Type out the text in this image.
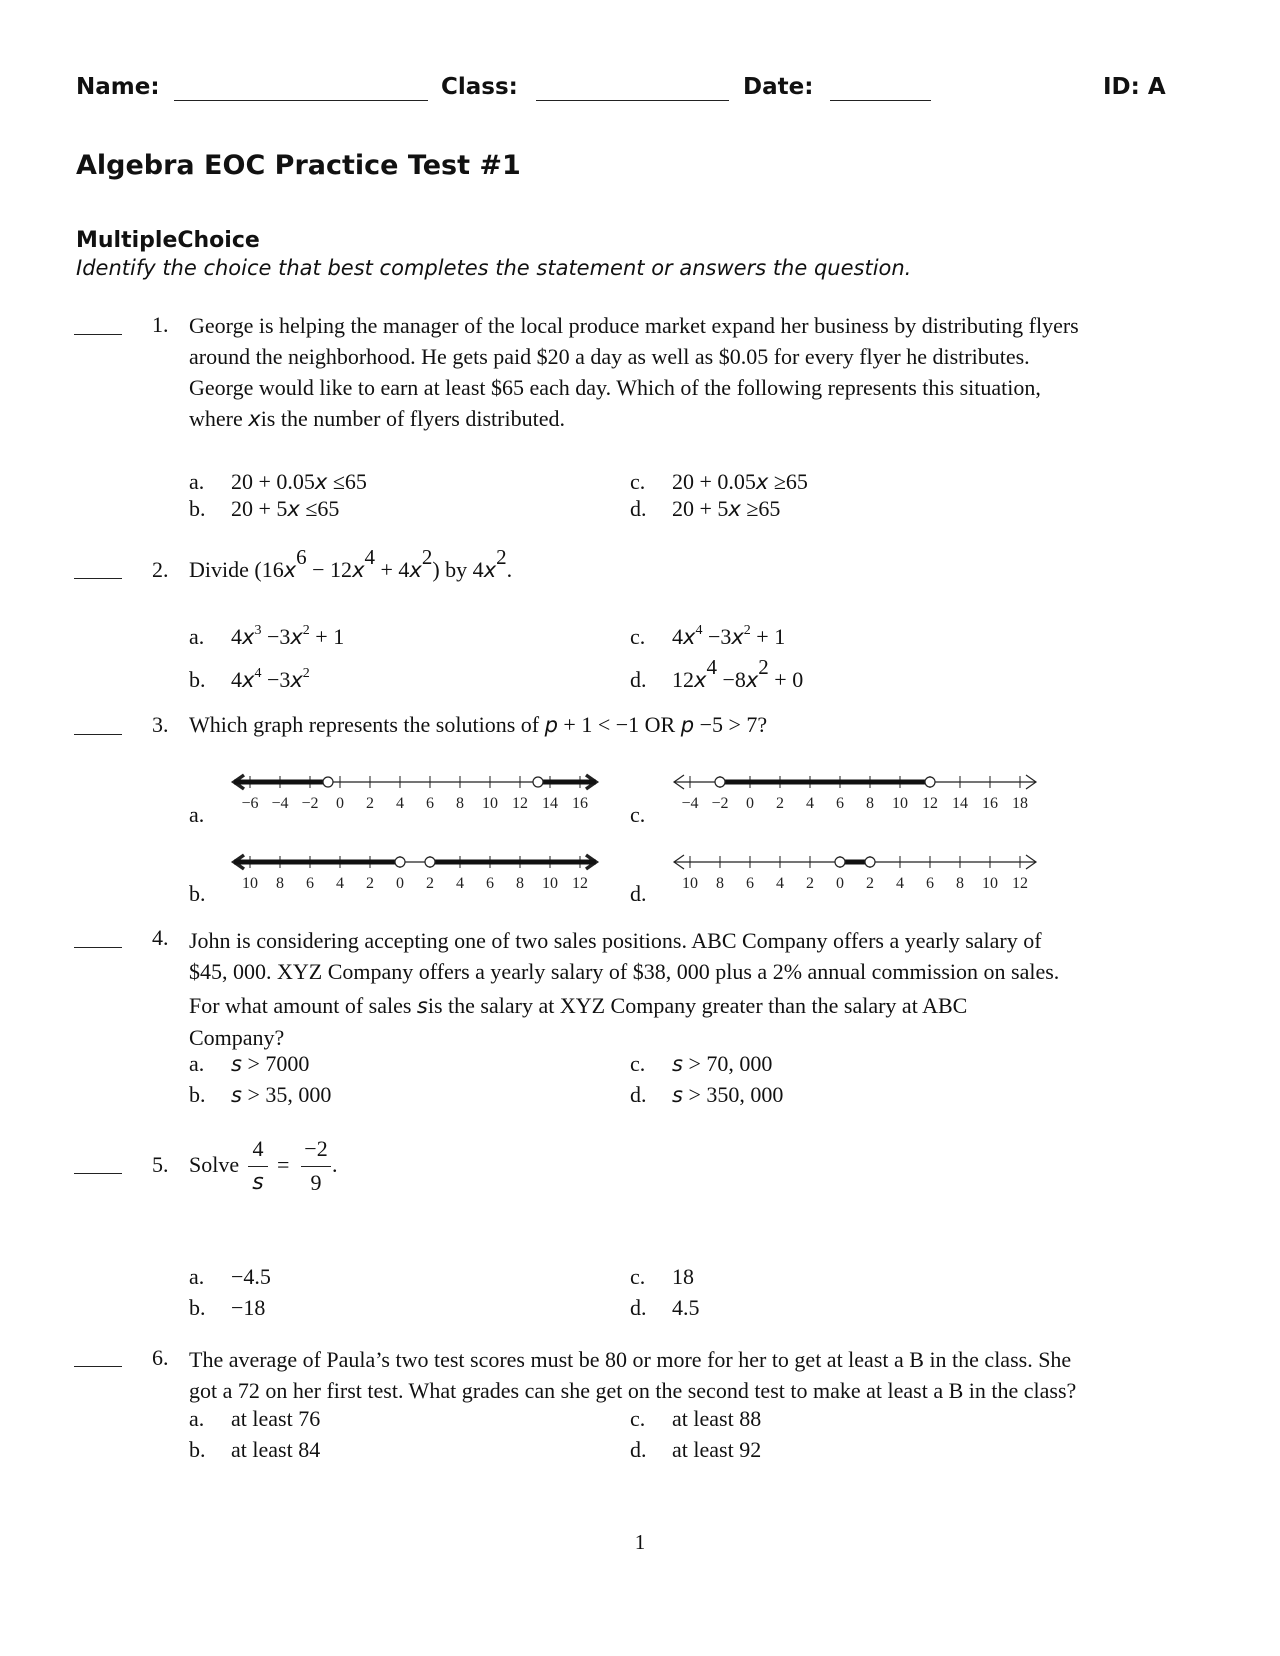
Name:	Class:	Date:	ID: A
Algebra EOC Practice Test #1
MultipleChoice
Identify the choice that best completes the statement or answers the question.
1. George is helping the manager of the local produce market expand her business by distributing flyers
around the neighborhood. He gets paid $20 a day as well as $0.05 for every flyer he distributes.
George would like to earn at least $65 each day. Which of the following represents this situation,
where xis the number of flyers distributed.
a. 20 + 0.05x ≤65
b. 20 + 5x ≤65
c. 20 + 0.05x ≥65
d. 20 + 5x ≥65
2. Divide (16x6 − 12x4 + 4x2) by 4x2.
a. $4x^3 -3x^2 + 1$
b. $4x^4 -3x^2$
c. $4x^4 -3x^2 + 1$
d. 12x4 −8x2 + 0
3. Which graph represents the solutions of p + 1 < −1 OR p −5 > 7?
a. −6 −4 −2 0 2 4 6 8 10 12 14 16 c. −4 −2 0 2 4 6 8 10 12 14 16 18
b. 10 8 6 4 2 0 2 4 6 8 10 12 d. 10 8 6 4 2 0 2 4 6 8 10 12
4. John is considering accepting one of two sales positions. ABC Company offers a yearly salary of
$45, 000. XYZ Company offers a yearly salary of $38, 000 plus a 2% annual commission on sales.
For what amount of sales sis the salary at XYZ Company greater than the salary at ABC
Company?
a. s > 7000
b. s > 35, 000
c. s > 70, 000
d. s > 350, 000
5. Solve
4
s
=
−2
9
.
a. −4.5
b. −18
c. 18
d. 4.5
6. The average of Paula’s two test scores must be 80 or more for her to get at least a B in the class. She
got a 72 on her first test. What grades can she get on the second test to make at least a B in the class?
a. at least 76
b. at least 84
c. at least 88
d. at least 92
1
